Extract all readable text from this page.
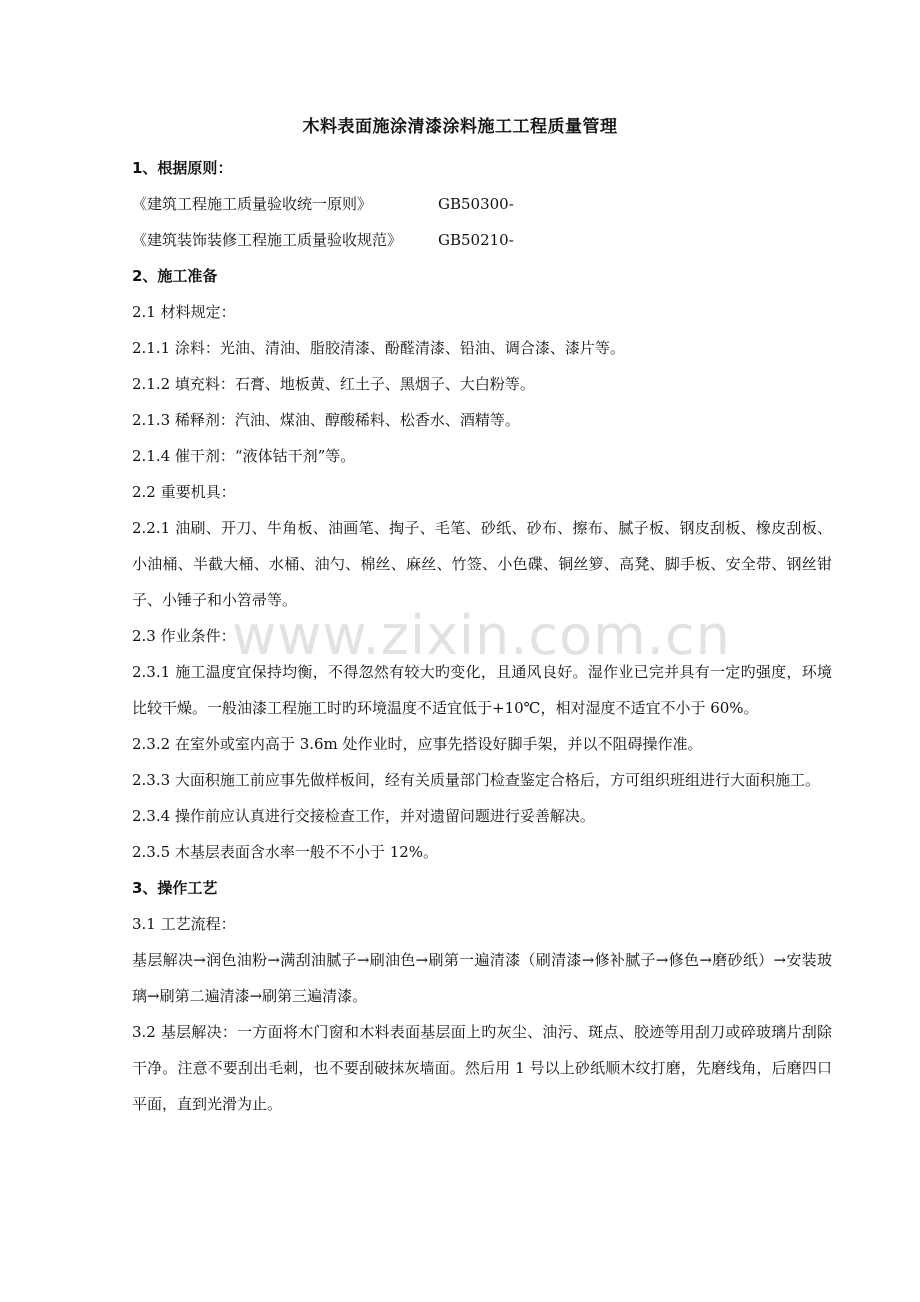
www.zixin.com.cn
木料表面施涂清漆涂料施工工程质量管理

1、根据原则：

《建筑工程施工质量验收统一原则》	GB50300-

《建筑装饰装修工程施工质量验收规范》 GB50210-

2、施工准备

2.1 材料规定：

2.1.1 涂料：光油、清油、脂胶清漆、酚醛清漆、铅油、调合漆、漆片等。

2.1.2 填充料：石膏、地板黄、红土子、黑烟子、大白粉等。

2.1.3 稀释剂：汽油、煤油、醇酸稀料、松香水、酒精等。

2.1.4 催干剂：“液体钴干剂”等。

2.2 重要机具：

2.2.1 油刷、开刀、牛角板、油画笔、掏子、毛笔、砂纸、砂布、擦布、腻子板、钢皮刮板、橡皮刮板、小油桶、半截大桶、水桶、油勺、棉丝、麻丝、竹签、小色碟、铜丝箩、高凳、脚手板、安全带、钢丝钳子、小锤子和小笤帚等。

2.3 作业条件：

2.3.1 施工温度宜保持均衡，不得忽然有较大旳变化，且通风良好。湿作业已完并具有一定旳强度，环境比较干燥。一般油漆工程施工时旳环境温度不适宜低于+10℃，相对湿度不适宜不小于 60%。

2.3.2 在室外或室内高于 3.6m 处作业时，应事先搭设好脚手架，并以不阻碍操作准。

2.3.3 大面积施工前应事先做样板间，经有关质量部门检查鉴定合格后，方可组织班组进行大面积施工。

2.3.4 操作前应认真进行交接检查工作，并对遗留问题进行妥善解决。

2.3.5 木基层表面含水率一般不不小于 12%。

3、操作工艺

3.1 工艺流程：

基层解决→润色油粉→满刮油腻子→刷油色→刷第一遍清漆（刷清漆→修补腻子→修色→磨砂纸）→安装玻璃→刷第二遍清漆→刷第三遍清漆。

3.2 基层解决：一方面将木门窗和木料表面基层面上旳灰尘、油污、斑点、胶迹等用刮刀或碎玻璃片刮除干净。注意不要刮出毛刺，也不要刮破抹灰墙面。然后用 1 号以上砂纸顺木纹打磨，先磨线角，后磨四口平面，直到光滑为止。
